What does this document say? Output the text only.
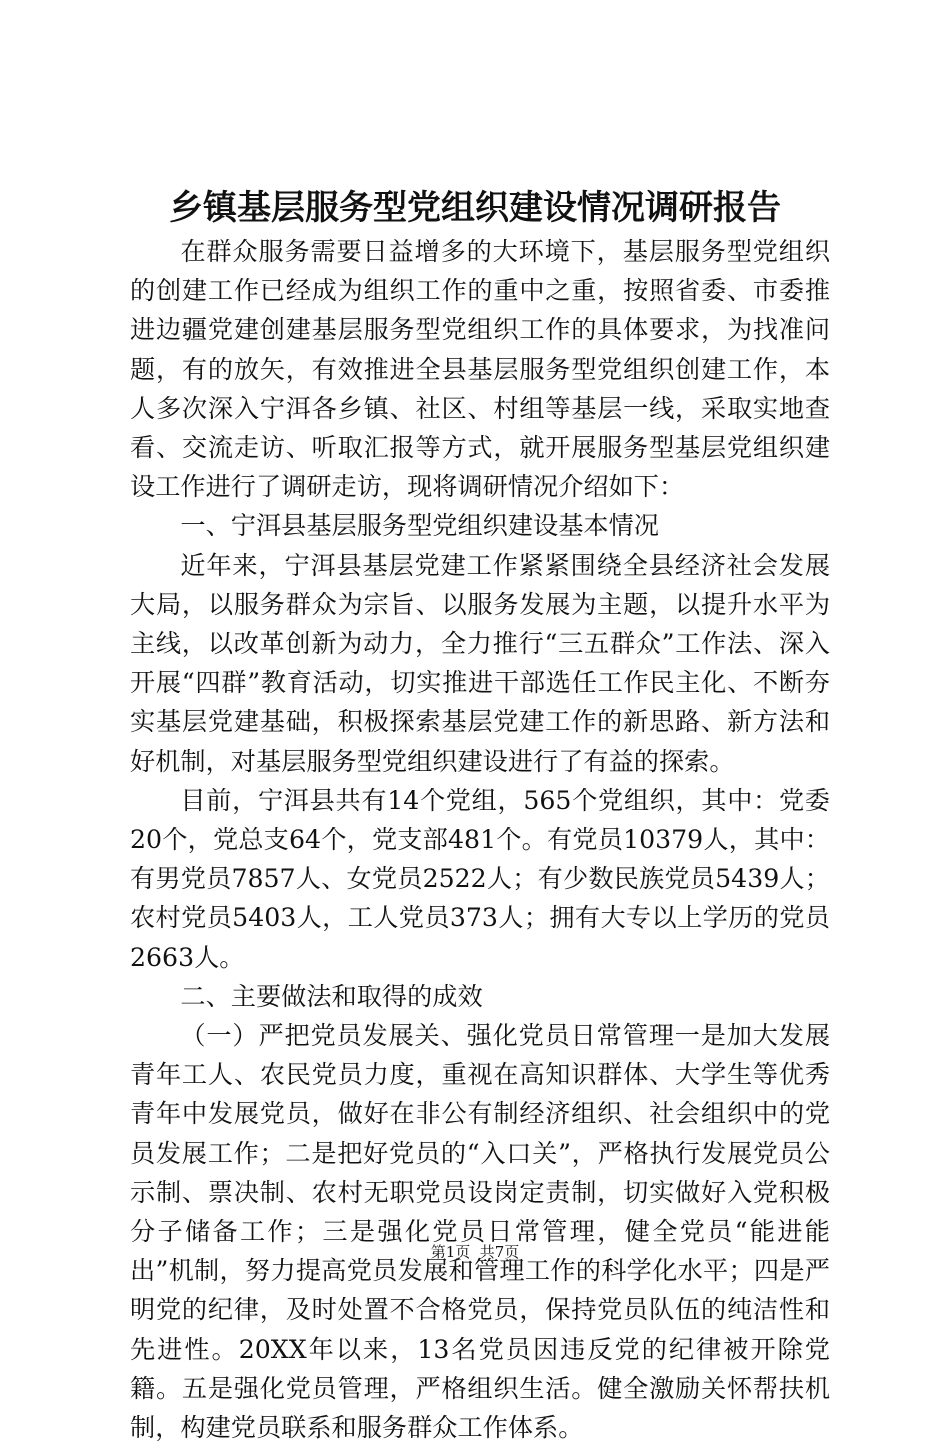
乡镇基层服务型党组织建设情况调研报告

在群众服务需要日益增多的大环境下，基层服务型党组织的创建工作已经成为组织工作的重中之重，按照省委、市委推进边疆党建创建基层服务型党组织工作的具体要求，为找准问题，有的放矢，有效推进全县基层服务型党组织创建工作，本人多次深入宁洱各乡镇、社区、村组等基层一线，采取实地查看、交流走访、听取汇报等方式，就开展服务型基层党组织建设工作进行了调研走访，现将调研情况介绍如下：

一、宁洱县基层服务型党组织建设基本情况

近年来，宁洱县基层党建工作紧紧围绕全县经济社会发展大局，以服务群众为宗旨、以服务发展为主题，以提升水平为主线，以改革创新为动力，全力推行“三五群众”工作法、深入开展“四群”教育活动，切实推进干部选任工作民主化、不断夯实基层党建基础，积极探索基层党建工作的新思路、新方法和好机制，对基层服务型党组织建设进行了有益的探索。

目前，宁洱县共有14个党组，565个党组织，其中：党委20个，党总支64个，党支部481个。有党员10379人，其中：有男党员7857人、女党员2522人；有少数民族党员5439人；农村党员5403人，工人党员373人；拥有大专以上学历的党员2663人。

二、主要做法和取得的成效

（一）严把党员发展关、强化党员日常管理一是加大发展青年工人、农民党员力度，重视在高知识群体、大学生等优秀青年中发展党员，做好在非公有制经济组织、社会组织中的党员发展工作；二是把好党员的“入口关”，严格执行发展党员公示制、票决制、农村无职党员设岗定责制，切实做好入党积极分子储备工作；三是强化党员日常管理，健全党员“能进能出”机制，努力提高党员发展和管理工作的科学化水平；四是严明党的纪律，及时处置不合格党员，保持党员队伍的纯洁性和先进性。20XX年以来，13名党员因违反党的纪律被开除党籍。五是强化党员管理，严格组织生活。健全激励关怀帮扶机制，构建党员联系和服务群众工作体系。

第1页  共7页
